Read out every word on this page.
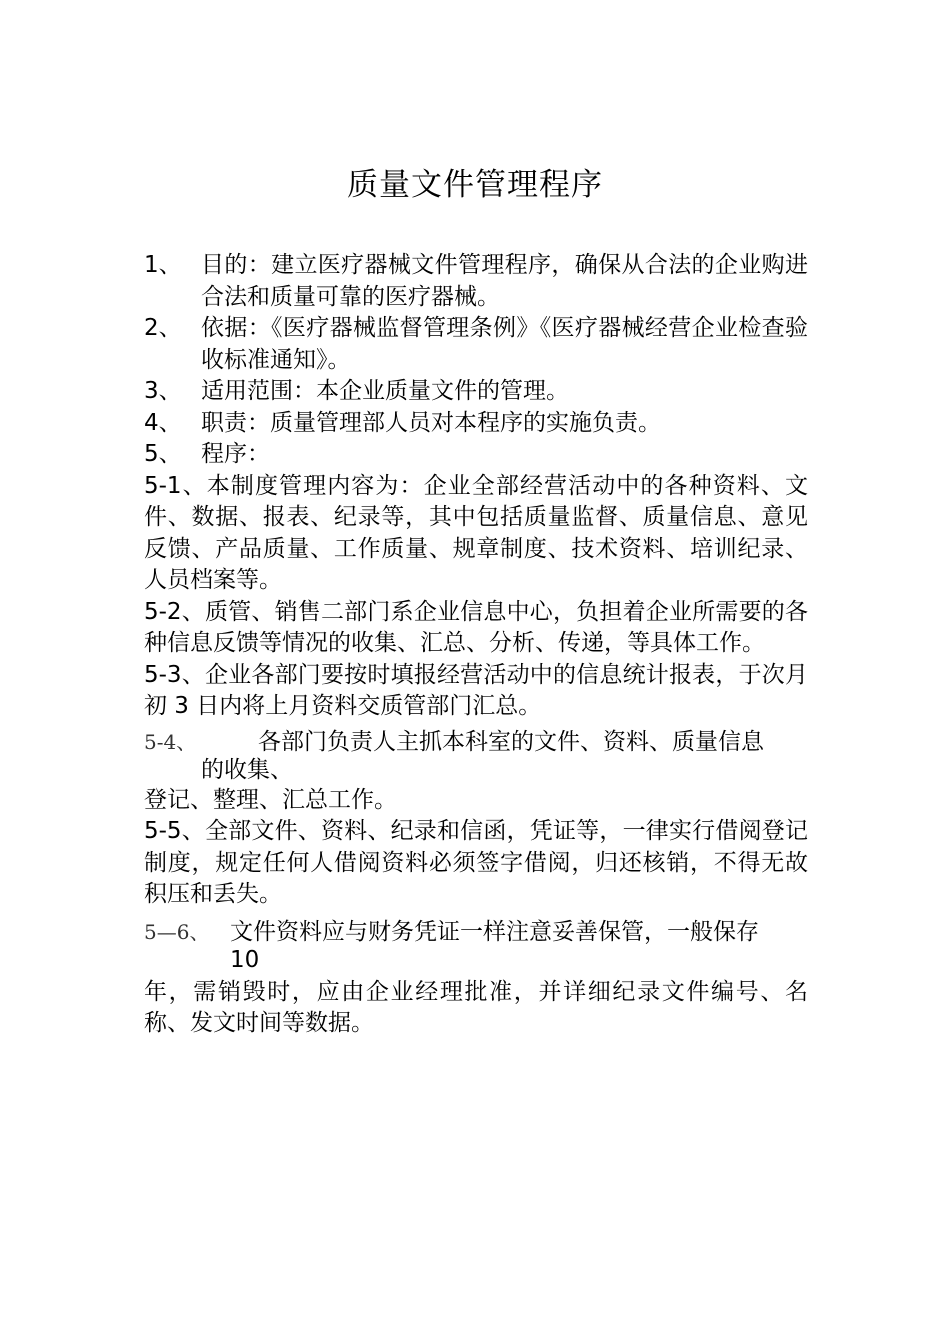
质量文件管理程序
1、 目的：建立医疗器械文件管理程序，确保从合法的企业购进合法和质量可靠的医疗器械。
2、 依据：《医疗器械监督管理条例》《医疗器械经营企业检查验收标准通知》。
3、 适用范围：本企业质量文件的管理。
4、 职责：质量管理部人员对本程序的实施负责。
5、 程序：
5-1、本制度管理内容为：企业全部经营活动中的各种资料、文件、数据、报表、纪录等，其中包括质量监督、质量信息、意见反馈、产品质量、工作质量、规章制度、技术资料、培训纪录、人员档案等。
5-2、质管、销售二部门系企业信息中心，负担着企业所需要的各种信息反馈等情况的收集、汇总、分析、传递，等具体工作。
5-3、企业各部门要按时填报经营活动中的信息统计报表，于次月初 3 日内将上月资料交质管部门汇总。
5-4、	各部门负责人主抓本科室的文件、资料、质量信息
的收集、
登记、整理、汇总工作。
5-5、全部文件、资料、纪录和信函，凭证等，一律实行借阅登记制度，规定任何人借阅资料必须签字借阅，归还核销，不得无故积压和丢失。
5—6、 文件资料应与财务凭证一样注意妥善保管，一般保存
10
年，需销毁时，应由企业经理批准，并详细纪录文件编号、名称、发文时间等数据。
